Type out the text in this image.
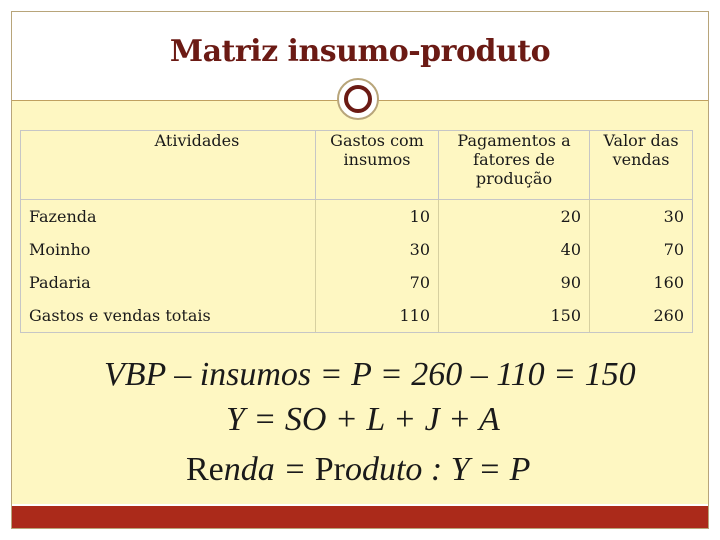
Matriz insumo-produto
Atividades	Gastos com insumos	Pagamentos a fatores de produção	Valor das vendas
Fazenda	10	20	30
Moinho	30	40	70
Padaria	70	90	160
Gastos e vendas totais	110	150	260
VBP – insumos = P = 260 – 110 = 150
Y = SO + L + J + A
Renda = Produto : Y = P
